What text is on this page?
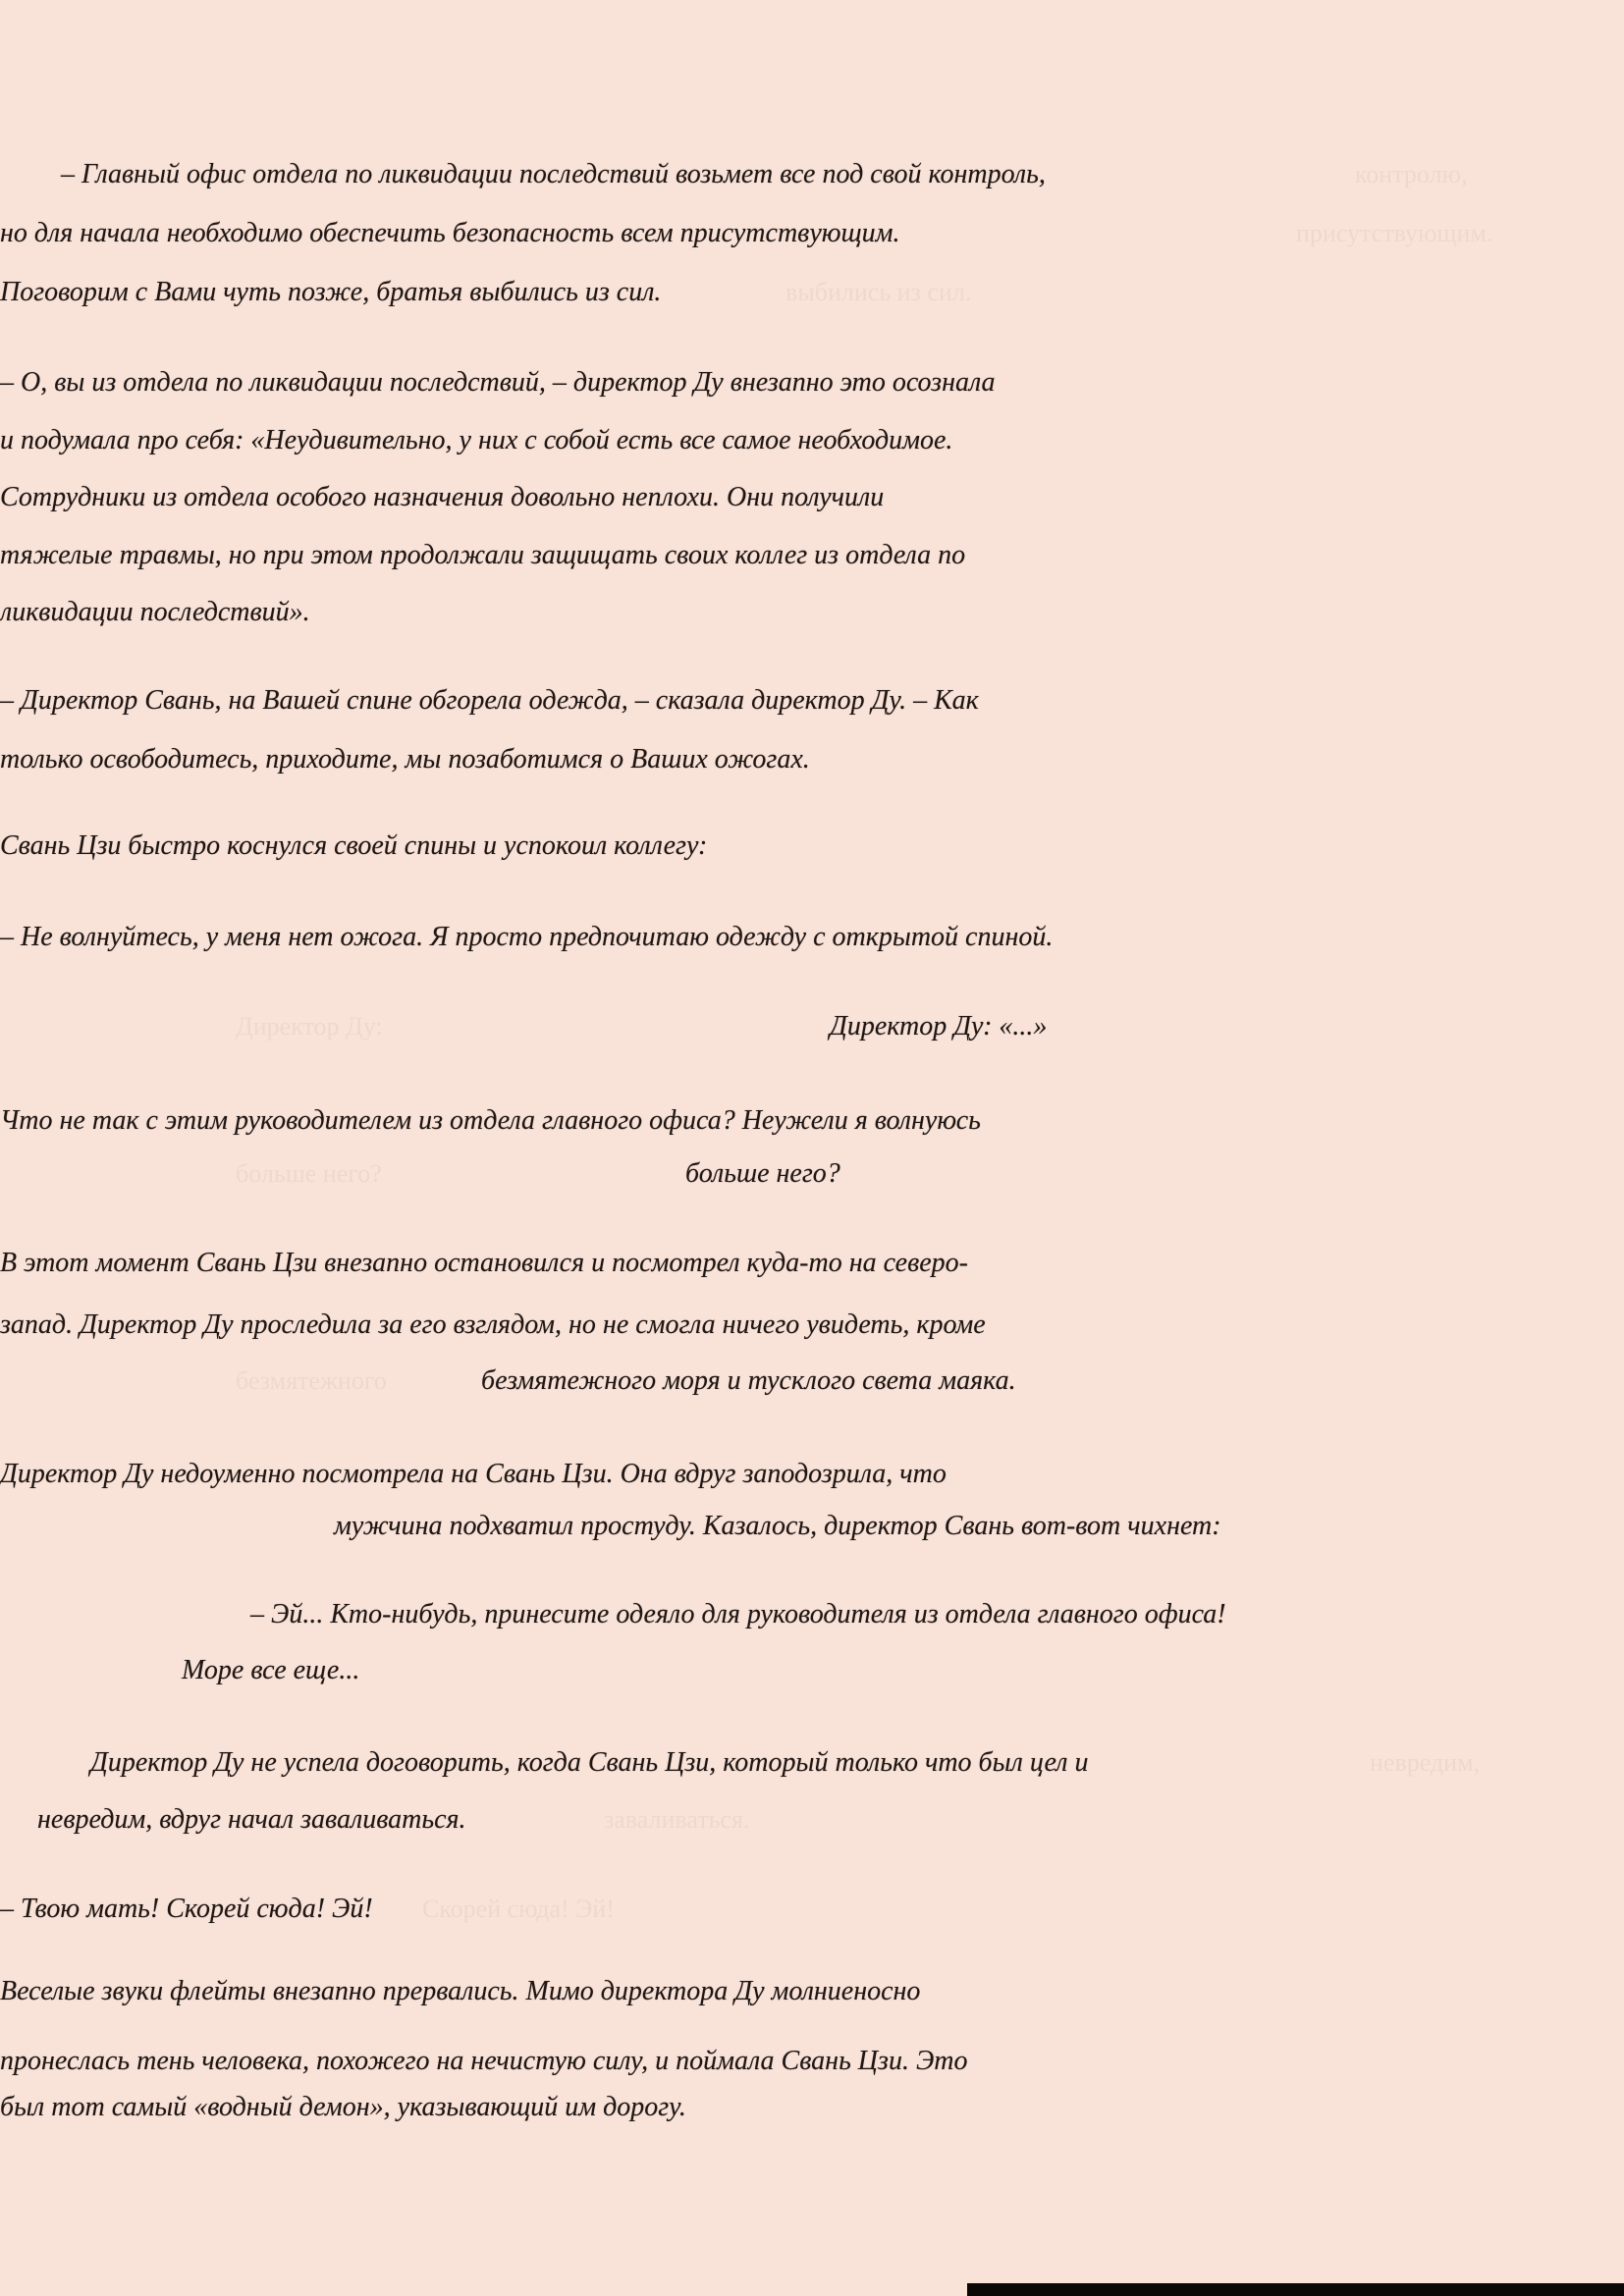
– Главный офис отдела по ликвидации последствий возьмет все под свой контроль,	контролю,
но для начала необходимо обеспечить безопасность всем присутствующим.	присутствующим.
Поговорим с Вами чуть позже, братья выбились из сил.	выбились из сил.
– О, вы из отдела по ликвидации последствий, – директор Ду внезапно это осознала
и подумала про себя: «Неудивительно, у них с собой есть все самое необходимое.
Сотрудники из отдела особого назначения довольно неплохи. Они получили
тяжелые травмы, но при этом продолжали защищать своих коллег из отдела по
ликвидации последствий».
– Директор Свань, на Вашей спине обгорела одежда, – сказала директор Ду. – Как
только освободитесь, приходите, мы позаботимся о Ваших ожогах.
Свань Цзи быстро коснулся своей спины и успокоил коллегу:
– Не волнуйтесь, у меня нет ожога. Я просто предпочитаю одежду с открытой спиной.
Директор Ду:	Директор Ду: «...»
Что не так с этим руководителем из отдела главного офиса? Неужели я волнуюсь
больше него?
больше него?
В этот момент Свань Цзи внезапно остановился и посмотрел куда-то на северо-
запад. Директор Ду проследила за его взглядом, но не смогла ничего увидеть, кроме
безмятежного моря и тусклого света маяка.
безмятежного
Директор Ду недоуменно посмотрела на Свань Цзи. Она вдруг заподозрила, что
мужчина подхватил простуду. Казалось, директор Свань вот-вот чихнет:
– Эй... Кто-нибудь, принесите одеяло для руководителя из отдела главного офиса!
Море все еще...
Директор Ду не успела договорить, когда Свань Цзи, который только что был цел и	невредим,
невредим, вдруг начал заваливаться.	заваливаться.
– Твою мать! Скорей сюда! Эй! Скорей сюда! Эй!
Веселые звуки флейты внезапно прервались. Мимо директора Ду молниеносно
пронеслась тень человека, похожего на нечистую силу, и поймала Свань Цзи. Это
был тот самый «водный демон», указывающий им дорогу.
